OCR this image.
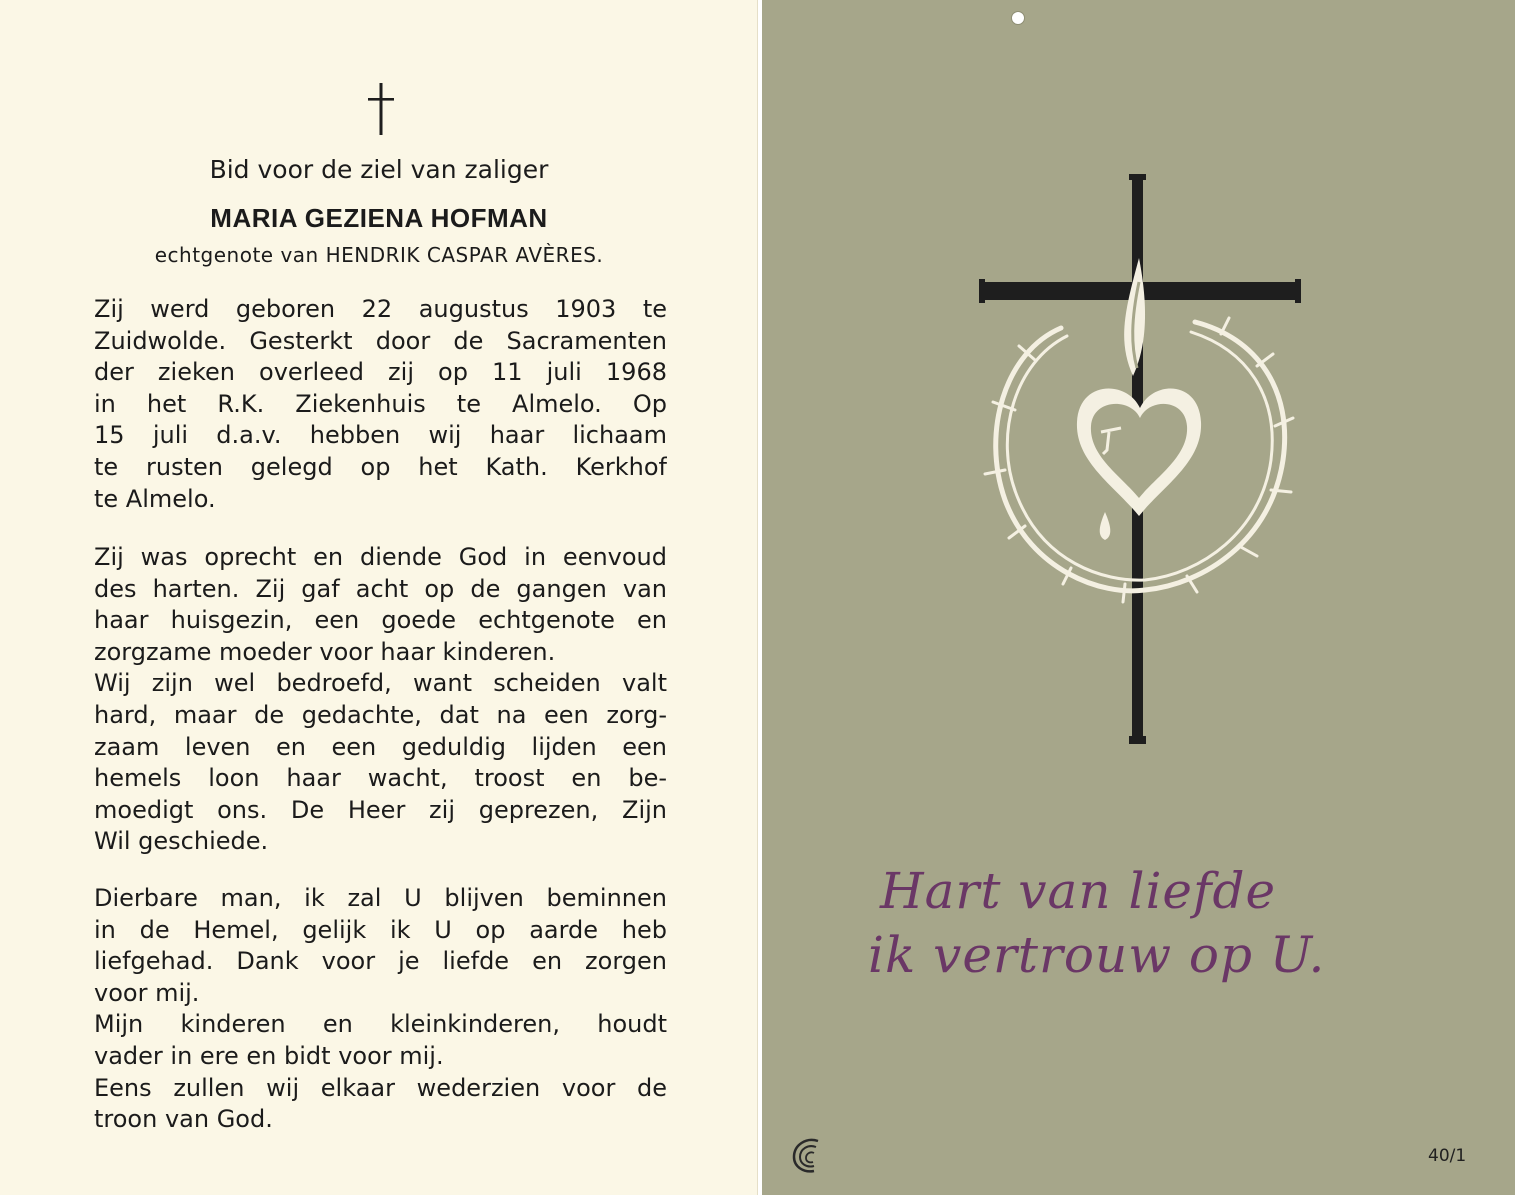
Bid voor de ziel van zaliger
MARIA GEZIENA HOFMAN
echtgenote van HENDRIK CASPAR AVÈRES.
Zij werd geboren 22 augustus 1903 te
Zuidwolde. Gesterkt door de Sacramenten
der zieken overleed zij op 11 juli 1968
in het R.K. Ziekenhuis te Almelo. Op
15 juli d.a.v. hebben wij haar lichaam
te rusten gelegd op het Kath. Kerkhof
te Almelo.
Zij was oprecht en diende God in eenvoud
des harten. Zij gaf acht op de gangen van
haar huisgezin, een goede echtgenote en
zorgzame moeder voor haar kinderen.
Wij zijn wel bedroefd, want scheiden valt
hard, maar de gedachte, dat na een zorg-
zaam leven en een geduldig lijden een
hemels loon haar wacht, troost en be-
moedigt ons. De Heer zij geprezen, Zijn
Wil geschiede.
Dierbare man, ik zal U blijven beminnen
in de Hemel, gelijk ik U op aarde heb
liefgehad. Dank voor je liefde en zorgen
voor mij.
Mijn kinderen en kleinkinderen, houdt
vader in ere en bidt voor mij.
Eens zullen wij elkaar wederzien voor de
troon van God.
Hart van liefde
ik vertrouw op U.
40/1
